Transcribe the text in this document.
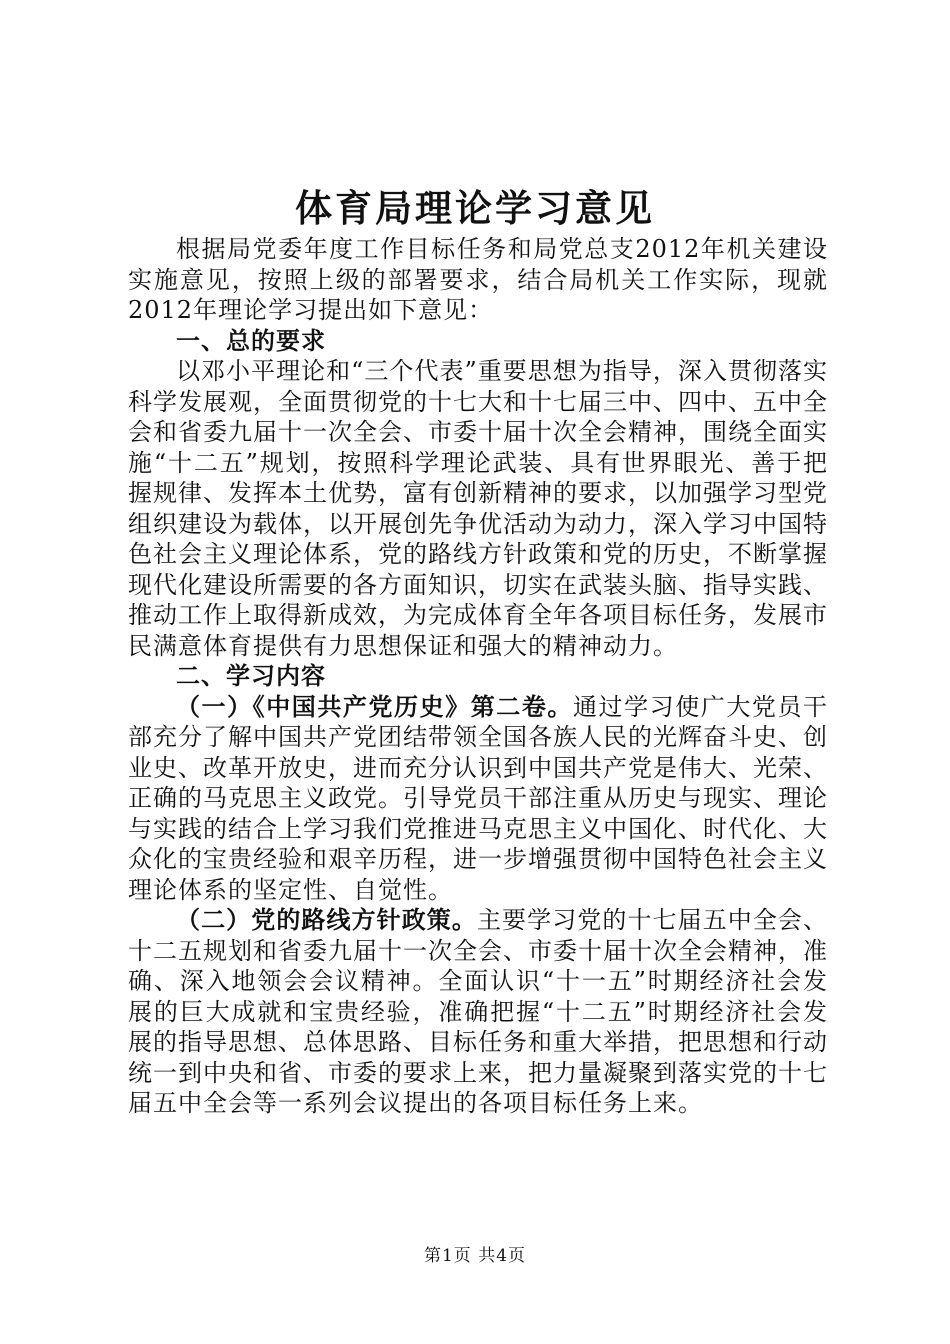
体育局理论学习意见

根据局党委年度工作目标任务和局党总支2012年机关建设实施意见，按照上级的部署要求，结合局机关工作实际，现就2012年理论学习提出如下意见：

一、总的要求

以邓小平理论和“三个代表”重要思想为指导，深入贯彻落实科学发展观，全面贯彻党的十七大和十七届三中、四中、五中全会和省委九届十一次全会、市委十届十次全会精神，围绕全面实施“十二五”规划，按照科学理论武装、具有世界眼光、善于把握规律、发挥本土优势，富有创新精神的要求，以加强学习型党组织建设为载体，以开展创先争优活动为动力，深入学习中国特色社会主义理论体系，党的路线方针政策和党的历史，不断掌握现代化建设所需要的各方面知识，切实在武装头脑、指导实践、推动工作上取得新成效，为完成体育全年各项目标任务，发展市民满意体育提供有力思想保证和强大的精神动力。

二、学习内容

（一）《中国共产党历史》第二卷。通过学习使广大党员干部充分了解中国共产党团结带领全国各族人民的光辉奋斗史、创业史、改革开放史，进而充分认识到中国共产党是伟大、光荣、正确的马克思主义政党。引导党员干部注重从历史与现实、理论与实践的结合上学习我们党推进马克思主义中国化、时代化、大众化的宝贵经验和艰辛历程，进一步增强贯彻中国特色社会主义理论体系的坚定性、自觉性。

（二）党的路线方针政策。主要学习党的十七届五中全会、十二五规划和省委九届十一次全会、市委十届十次全会精神，准确、深入地领会会议精神。全面认识“十一五”时期经济社会发展的巨大成就和宝贵经验，准确把握“十二五”时期经济社会发展的指导思想、总体思路、目标任务和重大举措，把思想和行动统一到中央和省、市委的要求上来，把力量凝聚到落实党的十七届五中全会等一系列会议提出的各项目标任务上来。

第1页 共4页
